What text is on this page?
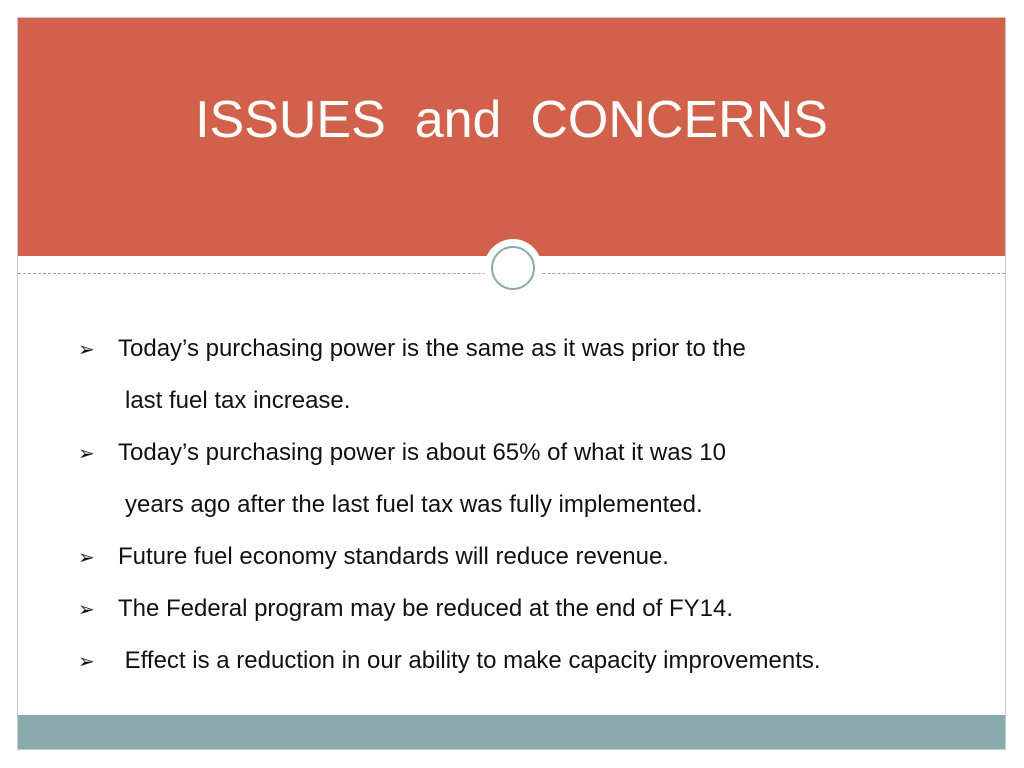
ISSUES  and  CONCERNS
➢ Today’s purchasing power is the same as it was prior to the
last fuel tax increase.
➢ Today’s purchasing power is about 65% of what it was 10
years ago after the last fuel tax was fully implemented.
➢ Future fuel economy standards will reduce revenue.
➢ The Federal program may be reduced at the end of FY14.
➢ Effect is a reduction in our ability to make capacity improvements.
